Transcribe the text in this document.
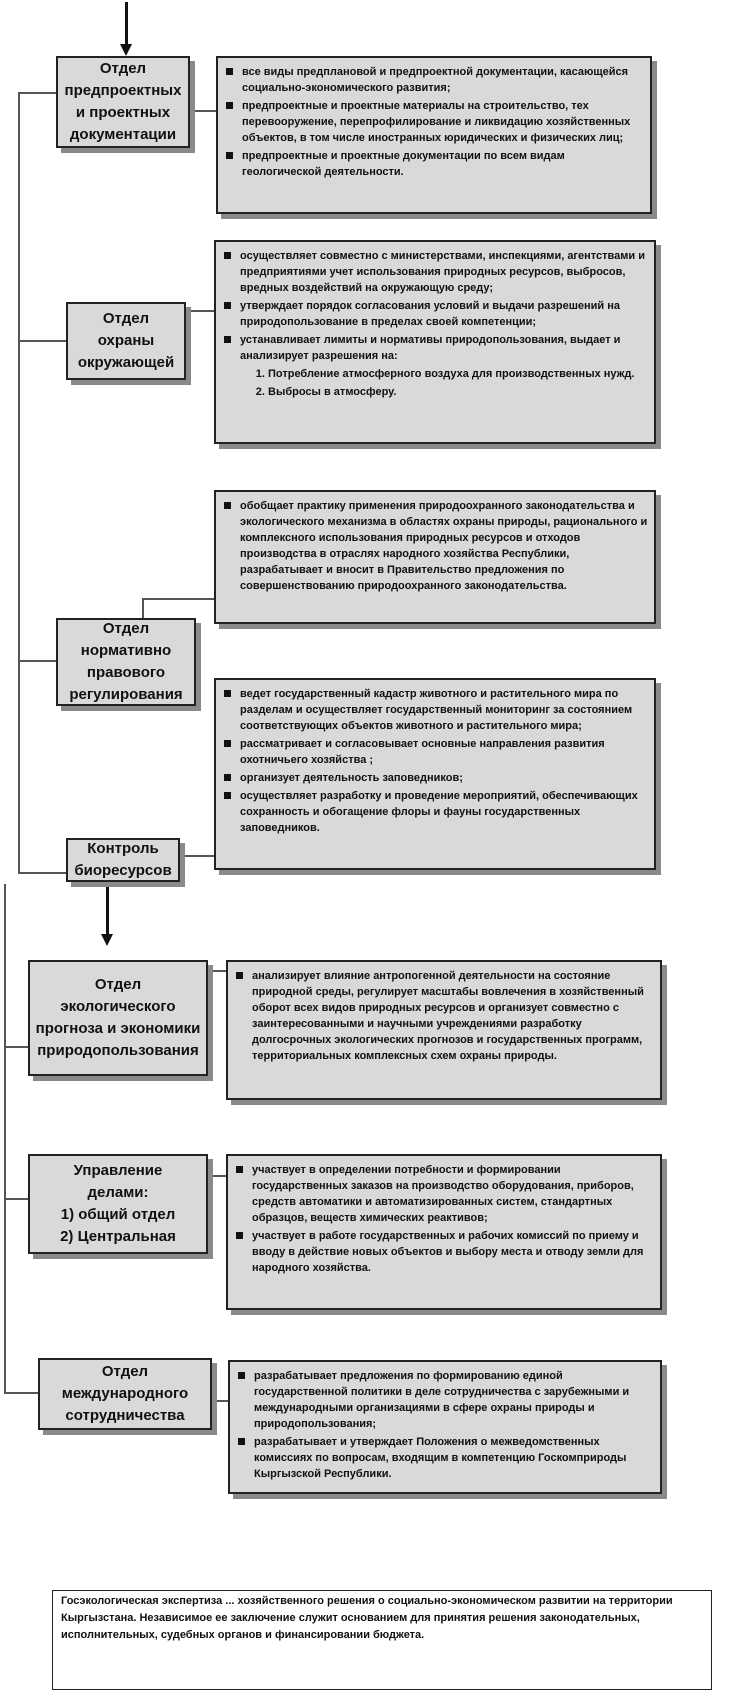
Отдел
предпроектных
и проектных
документации
все виды предплановой и предпроектной документации, касающейся социально-экономического развития;
предпроектные и проектные материалы на строительство, тех перевооружение, перепрофилирование и ликвидацию хозяйственных объектов, в том числе иностранных юридических и физических лиц;
предпроектные и проектные документации по всем видам геологической деятельности.
Отдел
охраны
окружающей
осуществляет совместно с министерствами, инспекциями, агентствами и предприятиями учет использования природных ресурсов, выбросов, вредных воздействий на окружающую среду;
утверждает порядок согласования условий и выдачи разрешений на природопользование в пределах своей компетенции;
устанавливает лимиты и нормативы природопользования, выдает и анализирует разрешения на:
1. Потребление атмосферного воздуха для производственных нужд.
2. Выбросы в атмосферу.
обобщает практику применения природоохранного законодательства и экологического механизма в областях охраны природы, рационального и комплексного использования природных ресурсов и отходов производства в отраслях народного хозяйства Республики, разрабатывает и вносит в Правительство предложения по совершенствованию природоохранного законодательства.
Отдел
нормативно
правового
регулирования	ведет государственный кадастр животного и растительного мира по разделам и осуществляет государственный мониторинг за состоянием соответствующих объектов животного и растительного мира;
рассматривает и согласовывает основные направления развития охотничьего хозяйства ;
организует деятельность заповедников;
осуществляет разработку и проведение мероприятий, обеспечивающих сохранность и обогащение флоры и фауны государственных заповедников.
Контроль
биоресурсов
Отдел
экологического
прогноза и экономики
природопользования
анализирует влияние антропогенной деятельности на состояние природной среды, регулирует масштабы вовлечения в хозяйственный оборот всех видов природных ресурсов и организует совместно с заинтересованными и научными учреждениями разработку долгосрочных экологических прогнозов и государственных программ, территориальных комплексных схем охраны природы.
Управление
делами:
1) общий отдел
2) Центральная
участвует в определении потребности и формировании государственных заказов на производство оборудования, приборов, средств автоматики и автоматизированных систем, стандартных образцов, веществ химических реактивов;
участвует в работе государственных и рабочих комиссий по приему и вводу в действие новых объектов и выбору места и отводу земли для народного хозяйства.
Госэкологическая экспертиза ... хозяйственного решения о социально-экономическом развитии на территории Кыргызстана. Независимое ее заключение служит основанием для принятия решения законодательных, исполнительных, судебных органов и финансировании бюджета.
Отдел
международного
сотрудничества
разрабатывает предложения по формированию единой государственной политики в деле сотрудничества с зарубежными и международными организациями в сфере охраны природы и природопользования;
разрабатывает и утверждает Положения о межведомственных комиссиях по вопросам, входящим в компетенцию Госкомприроды Кыргызской Республики.
